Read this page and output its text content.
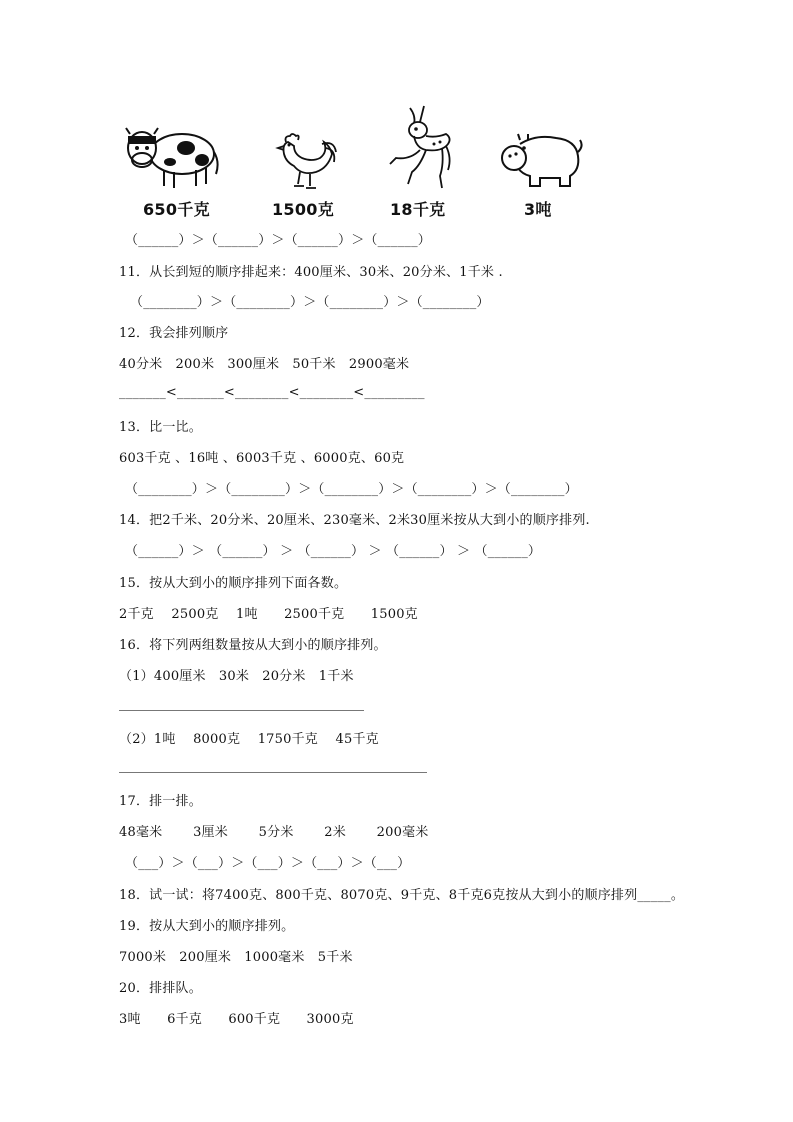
650千克	1500克	18千克	3吨
（______）＞（______）＞（______）＞（______）
11．从长到短的顺序排起来：400厘米、30米、20分米、1千米 .
（________）＞（________）＞（________）＞（________）
12．我会排列顺序
40分米　200米　300厘米　50千米　2900毫米
_______<_______<________<________<_________
13．比一比。
603千克 、16吨 、6003千克 、6000克、60克
（________）＞（________）＞（________）＞（________）＞（________）
14．把2千米、20分米、20厘米、230毫米、2米30厘米按从大到小的顺序排列.
（______）＞ （______） ＞ （______） ＞ （______） ＞ （______）
15．按从大到小的顺序排列下面各数。
2千克　 2500克　 1吨　　2500千克　　1500克
16．将下列两组数量按从大到小的顺序排列。
（1）400厘米　30米　20分米　1千米
（2）1吨　 8000克　 1750千克　 45千克
17．排一排。
48毫米　　 3厘米　　 5分米　　 2米　　 200毫米
（___）＞（___）＞（___）＞（___）＞（___）
18．试一试：将7400克、800千克、8070克、9千克、8千克6克按从大到小的顺序排列_____。
19．按从大到小的顺序排列。
7000米　200厘米　1000毫米　5千米
20．排排队。
3吨　　6千克　　600千克　　3000克
